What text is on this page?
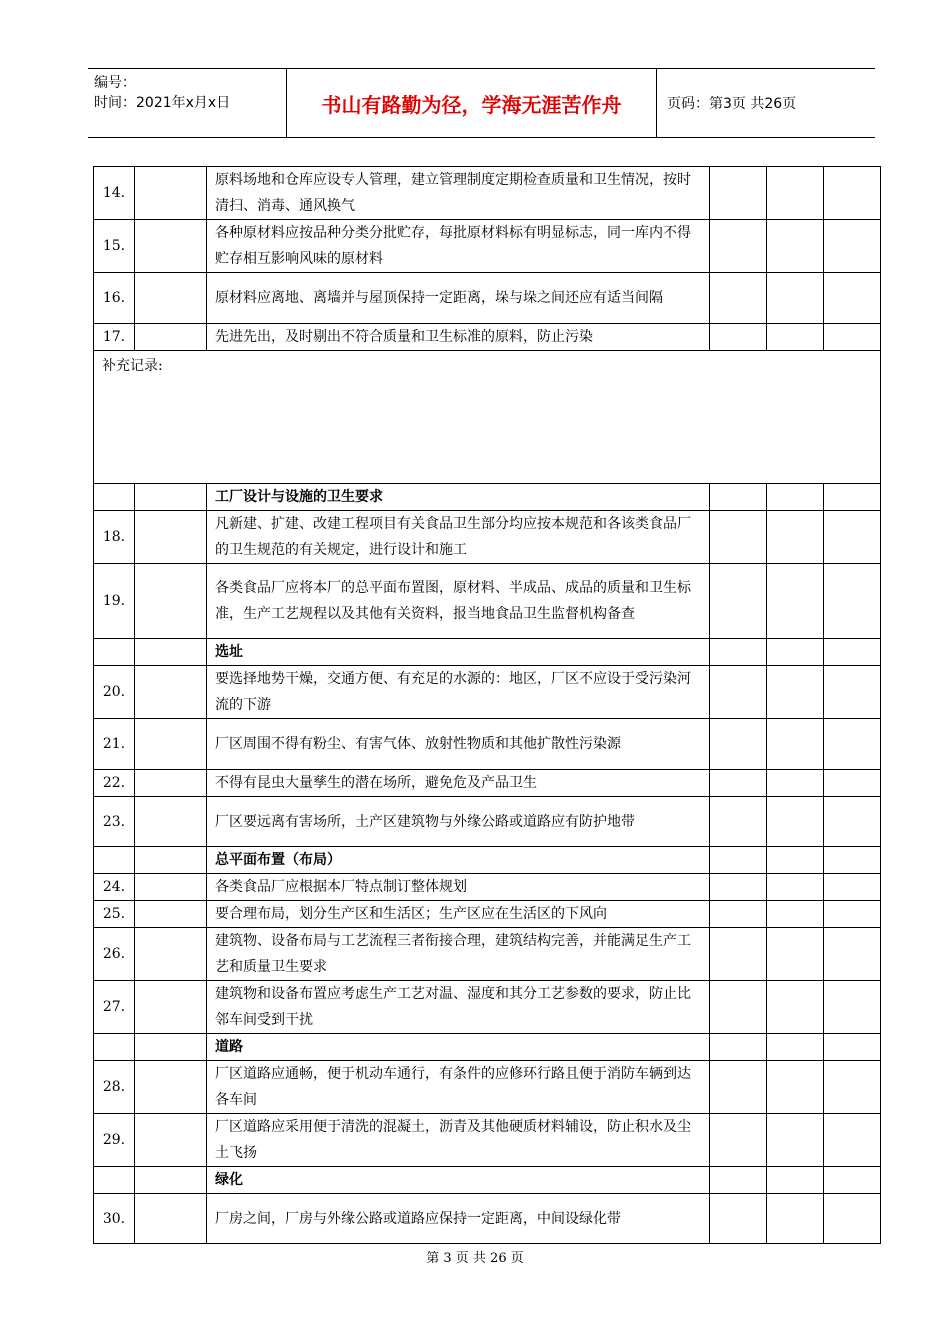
编号：
时间：2021年x月x日	书山有路勤为径，学海无涯苦作舟	页码：第3页 共26页
14.		原料场地和仓库应设专人管理，建立管理制度定期检查质量和卫生情况，按时清扫、消毒、通风换气			
15.		各种原材料应按品种分类分批贮存，每批原材料标有明显标志，同一库内不得贮存相互影响风味的原材料			
16.		原材料应离地、离墙并与屋顶保持一定距离，垛与垛之间还应有适当间隔			
17.		先进先出，及时剔出不符合质量和卫生标准的原料，防止污染			
补充记录:					
		工厂设计与设施的卫生要求			
18.		凡新建、扩建、改建工程项目有关食品卫生部分均应按本规范和各该类食品厂的卫生规范的有关规定，进行设计和施工			
19.		各类食品厂应将本厂的总平面布置图，原材料、半成品、成品的质量和卫生标准，生产工艺规程以及其他有关资料，报当地食品卫生监督机构备查			
		选址			
20.		要选择地势干燥，交通方便、有充足的水源的：地区，厂区不应设于受污染河流的下游			
21.		厂区周围不得有粉尘、有害气体、放射性物质和其他扩散性污染源			
22.		不得有昆虫大量孳生的潜在场所，避免危及产品卫生			
23.		厂区要远离有害场所，土产区建筑物与外缘公路或道路应有防护地带			
		总平面布置（布局）			
24.		各类食品厂应根据本厂特点制订整体规划			
25.		要合理布局，划分生产区和生活区；生产区应在生活区的下风向			
26.		建筑物、设备布局与工艺流程三者衔接合理，建筑结构完善，并能满足生产工艺和质量卫生要求			
27.		建筑物和设备布置应考虑生产工艺对温、湿度和其分工艺参数的要求，防止比邻车间受到干扰			
		道路			
28.		厂区道路应通畅，便于机动车通行，有条件的应修环行路且便于消防车辆到达各车间			
29.		厂区道路应采用便于清洗的混凝土，沥青及其他硬质材料辅设，防止积水及尘土飞扬			
		绿化			
30.		厂房之间，厂房与外缘公路或道路应保持一定距离，中间设绿化带			
第 3 页 共 26 页
